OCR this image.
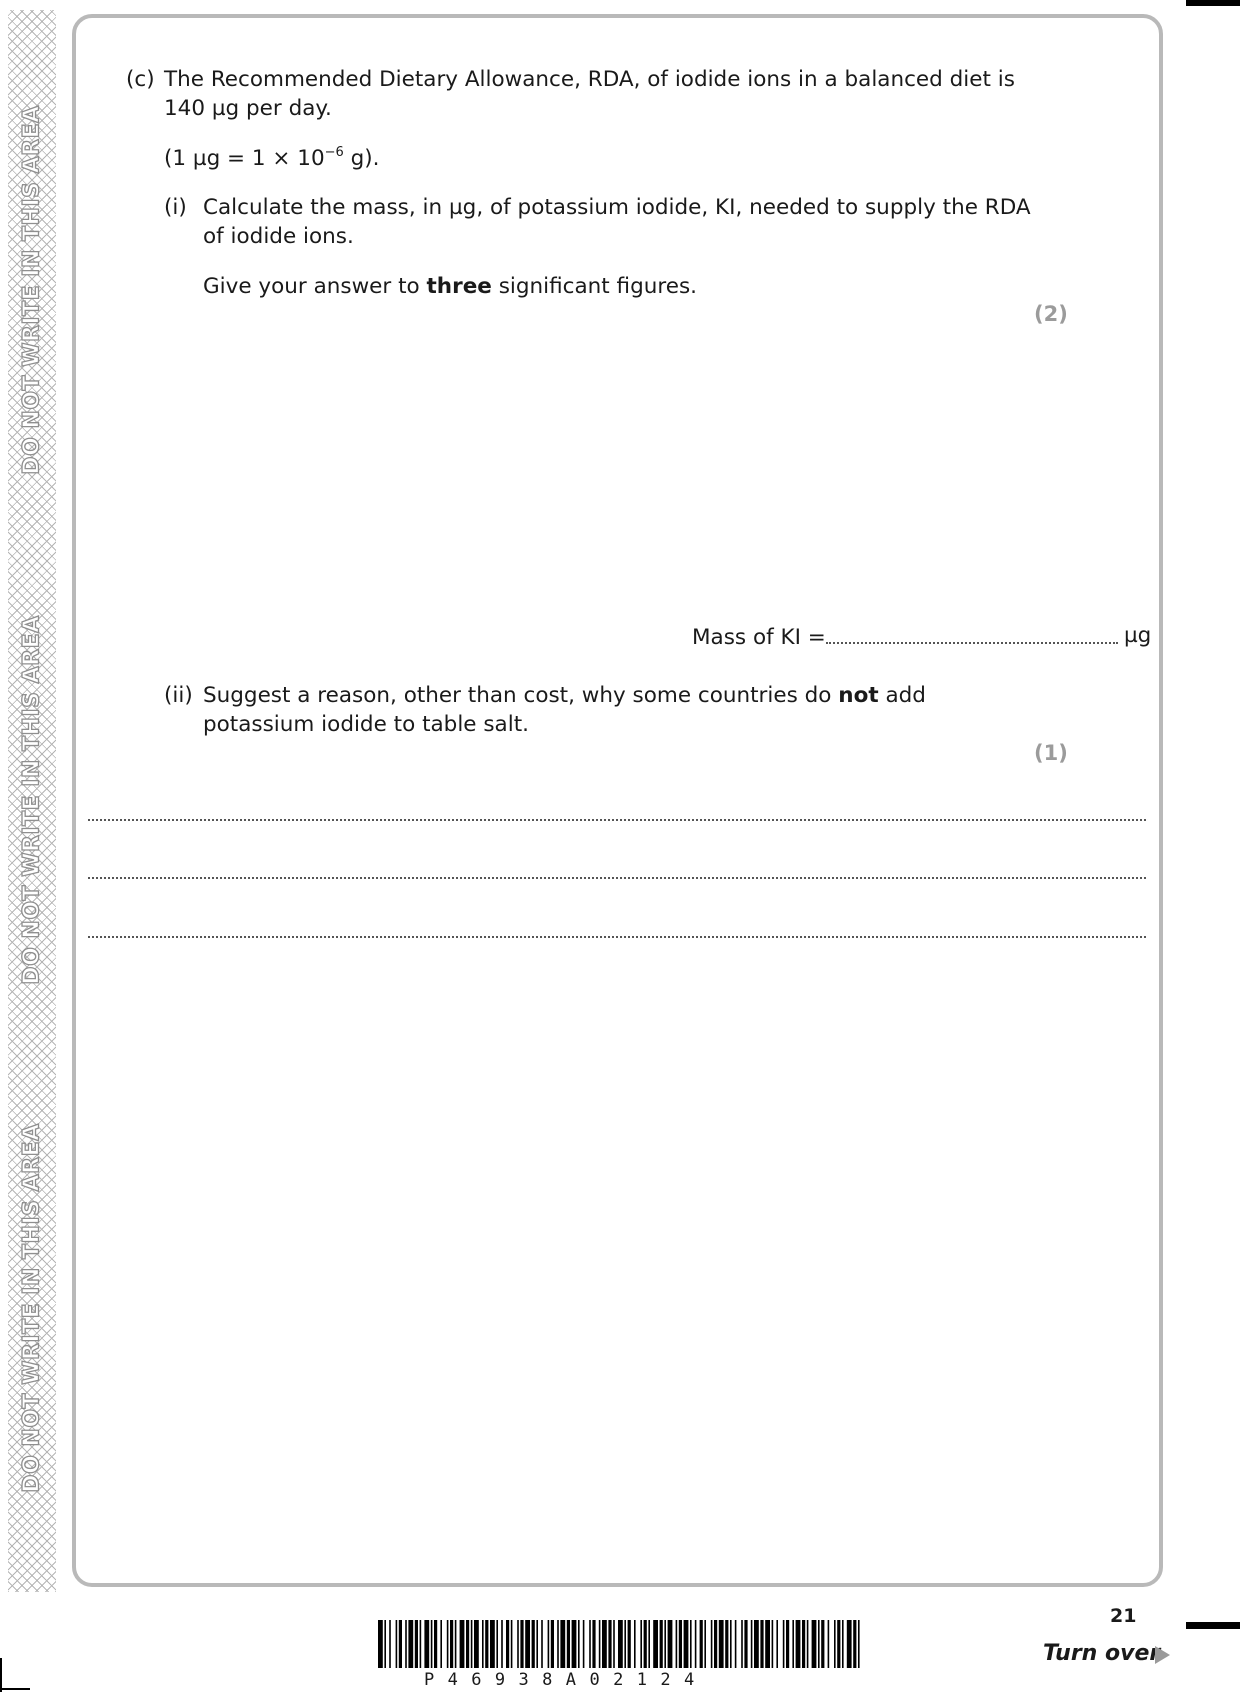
DO NOT WRITE IN THIS AREA
DO NOT WRITE IN THIS AREA
DO NOT WRITE IN THIS AREA
(c) The Recommended Dietary Allowance, RDA, of iodide ions in a balanced diet is
140 µg per day.
(1 $\mu g = 1 \times 10^{-6}$ g).
(i) Calculate the mass, in µg, of potassium iodide, KI, needed to supply the RDA
of iodide ions.
Give your answer to three significant figures.
(2)
Mass of KI =	µg
(ii) Suggest a reason, other than cost, why some countries do not add
potassium iodide to table salt.
(1)
21
Turn over
P46938A02124
